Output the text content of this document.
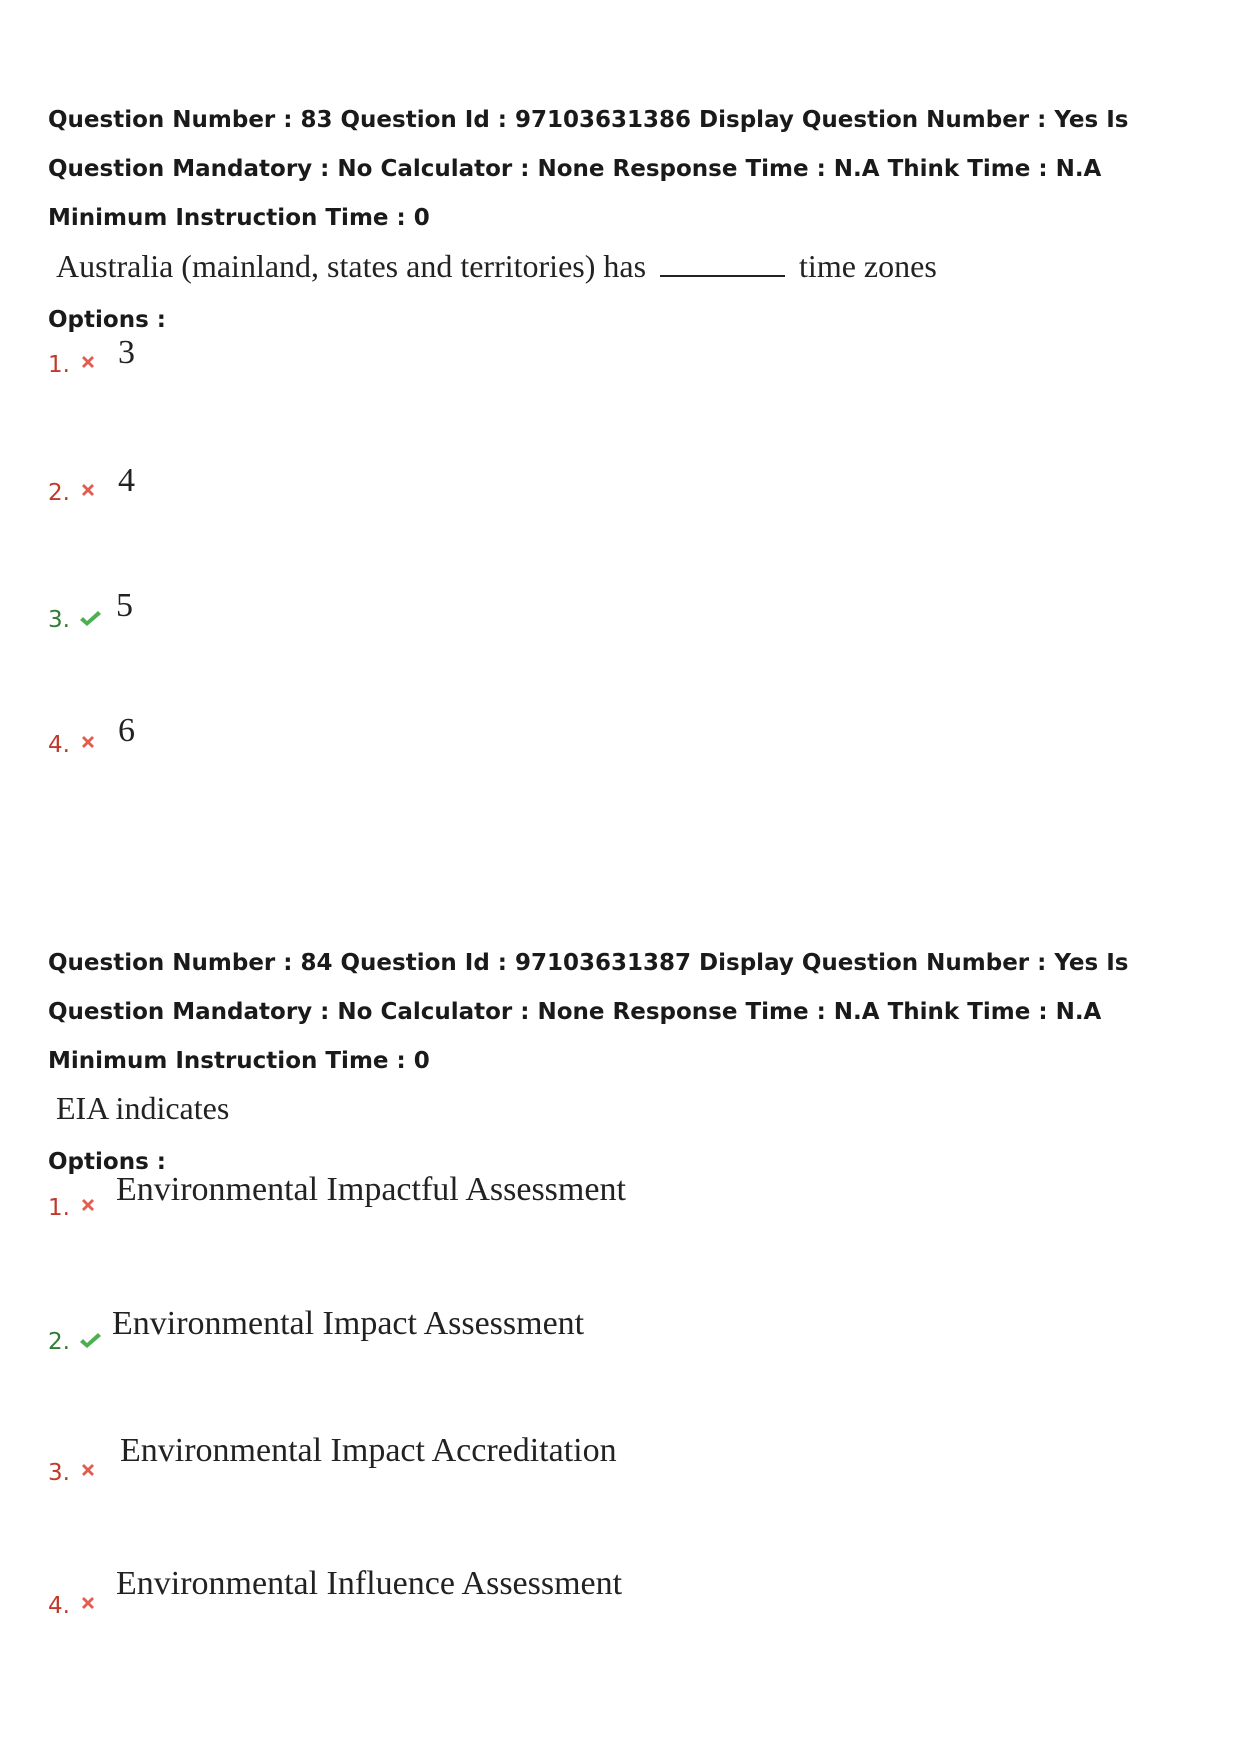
Question Number : 83 Question Id : 97103631386 Display Question Number : Yes Is Question Mandatory : No Calculator : None Response Time : N.A Think Time : N.A Minimum Instruction Time : 0

Australia (mainland, states and territories) has	time zones
Options :
1. 3
2. 4
3. 5
4. 6

Question Number : 84 Question Id : 97103631387 Display Question Number : Yes Is Question Mandatory : No Calculator : None Response Time : N.A Think Time : N.A Minimum Instruction Time : 0

EIA indicates
Options :
1. Environmental Impactful Assessment
2. Environmental Impact Assessment
3.
Environmental Impact Accreditation
4.
Environmental Influence Assessment
